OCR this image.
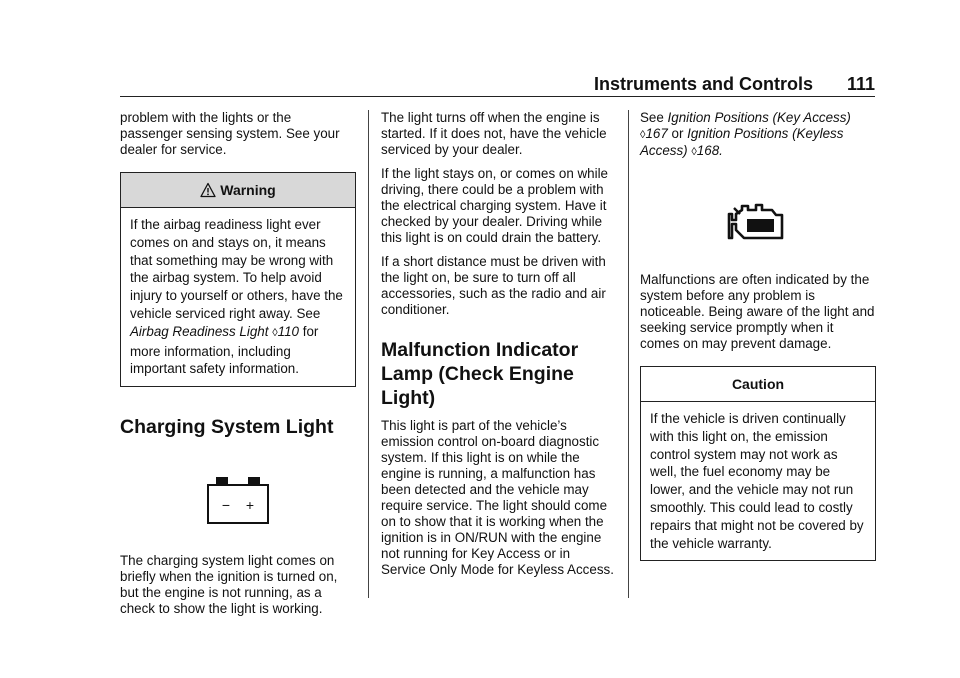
Instruments and Controls 111

problem with the lights or the passenger sensing system. See your dealer for service.

Warning
If the airbag readiness light ever comes on and stays on, it means that something may be wrong with the airbag system. To help avoid injury to yourself or others, have the vehicle serviced right away. See Airbag Readiness Light ◊110 for more information, including important safety information.
Charging System Light
− +

The charging system light comes on briefly when the ignition is turned on, but the engine is not running, as a check to show the light is working.

The light turns off when the engine is started. If it does not, have the vehicle serviced by your dealer.

If the light stays on, or comes on while driving, there could be a problem with the electrical charging system. Have it checked by your dealer. Driving while this light is on could drain the battery.

If a short distance must be driven with the light on, be sure to turn off all accessories, such as the radio and air conditioner.

Malfunction Indicator Lamp (Check Engine Light)

This light is part of the vehicle’s emission control on-board diagnostic system. If this light is on while the engine is running, a malfunction has been detected and the vehicle may require service. The light should come on to show that it is working when the ignition is in ON/RUN with the engine not running for Key Access or in Service Only Mode for Keyless Access.

See Ignition Positions (Key Access) ◊167 or Ignition Positions (Keyless Access) ◊168.

Malfunctions are often indicated by the system before any problem is noticeable. Being aware of the light and seeking service promptly when it comes on may prevent damage.

Caution
If the vehicle is driven continually with this light on, the emission control system may not work as well, the fuel economy may be lower, and the vehicle may not run smoothly. This could lead to costly repairs that might not be covered by the vehicle warranty.
